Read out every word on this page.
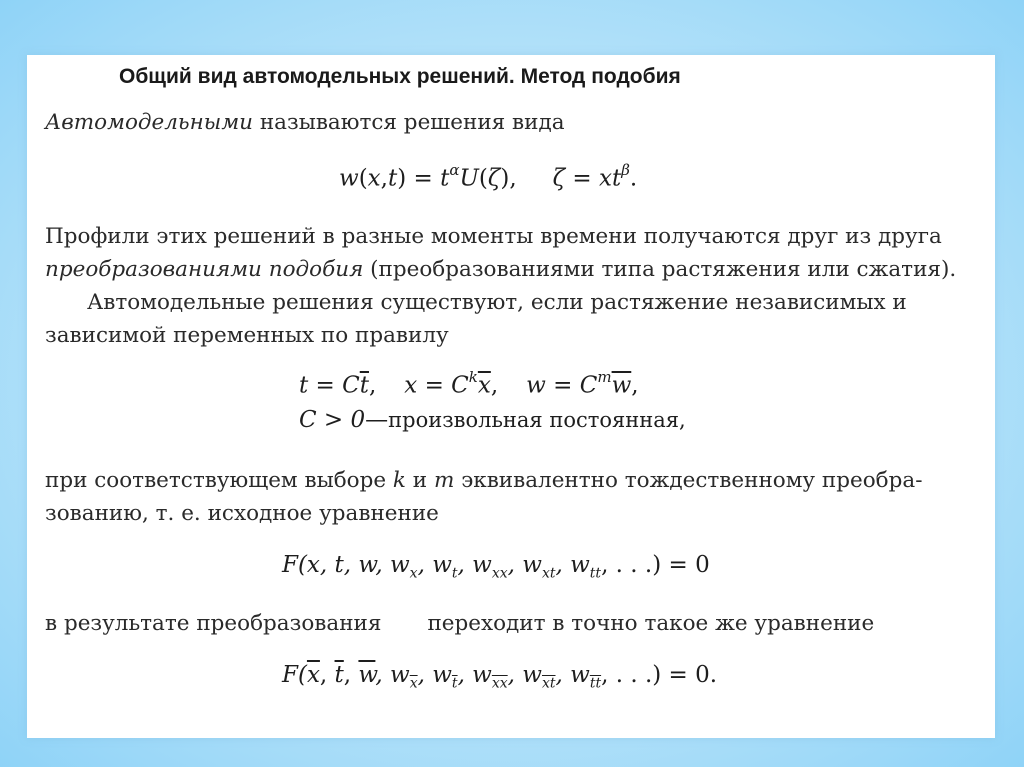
Общий вид автомодельных решений. Метод подобия
Автомодельными называются решения вида
$w(x,t) = t^\alpha U(\zeta)$, $\zeta = xt^\beta$.
Профили этих решений в разные моменты времени получаются друг из друга
преобразованиями подобия (преобразованиями типа растяжения или сжатия).
Автомодельные решения существуют, если растяжение независимых и
зависимой переменных по правилу
$t = C\overline{t}$, $x = C^k\overline{x}$, $w = C^m\overline{w}$,
C > 0—произвольная постоянная,
при соответствующем выборе k и m эквивалентно тождественному преобра-
зованию, т. е. исходное уравнение
F(x, t, w, $w_x$, $w_t$, $w_{xx}$, $w_{xt}$, $w_{tt}$, . . .) = 0
в результате преобразования переходит в точно такое же уравнение
$F(\overline{x}$, $\overline{t}$, $\overline{w}$, $w_{\overline{x}}$, $w_{\overline{t}}$, $w_{\overline{xx}}$, $w_{\overline{xt}}$, $w_{\overline{tt}}$, . . .) = 0.
